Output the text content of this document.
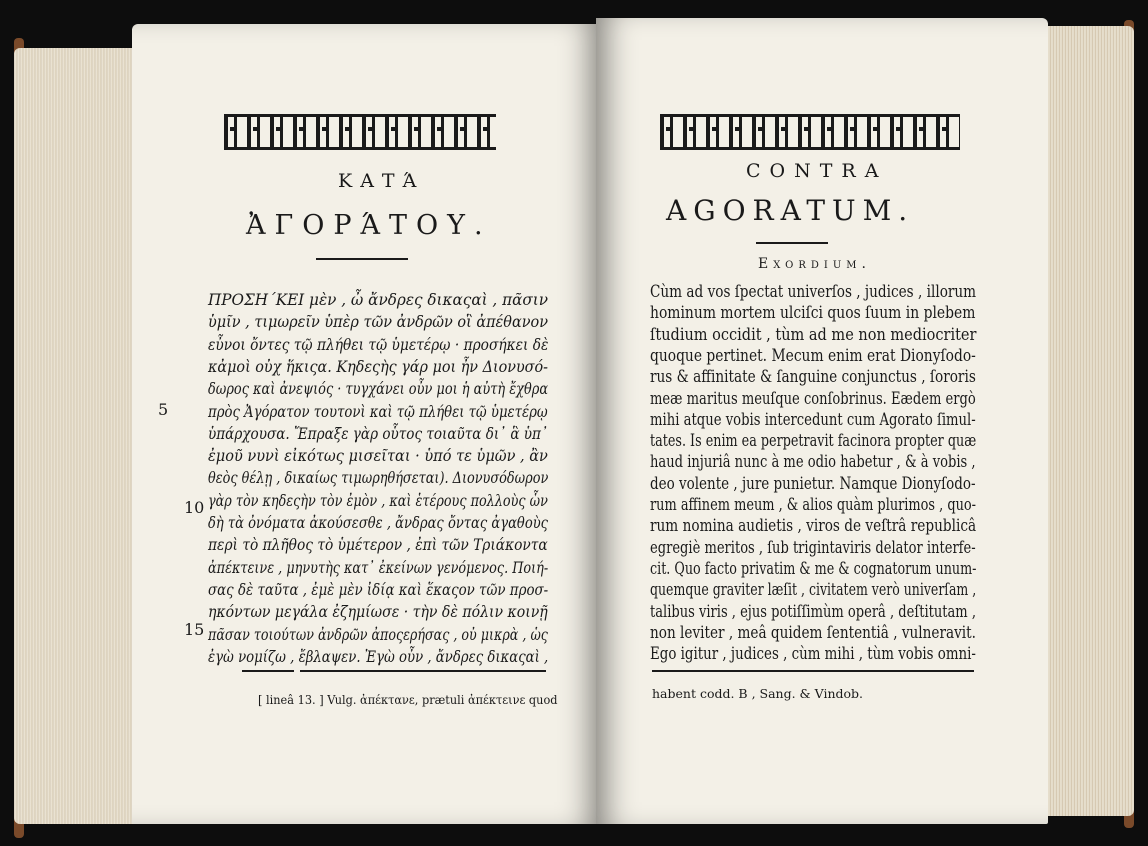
ΚΑΤΆ
ἈΓΟΡΆΤΟΥ.
ΠΡΟΣΗ΄ΚΕΙ μὲν , ὦ ἄνδρες δικαςαὶ , πᾶσιν
ὑμῖν , τιμωρεῖν ὑπὲρ τῶν ἀνδρῶν οἳ ἀπέθανον
εὖνοι ὄντες τῷ πλήθει τῷ ὑμετέρῳ · προσήκει δὲ
κἀμοὶ οὐχ ἥκιςα. Κηδεςὴς γάρ μοι ἦν Διονυσό-
δωρος καὶ ἀνεψιός · τυγχάνει οὖν μοι ἡ αὐτὴ ἔχθρα
πρὸς Ἀγόρατον τουτονὶ καὶ τῷ πλήθει τῷ ὑμετέρῳ
ὑπάρχουσα. Ἔπραξε γὰρ οὗτος τοιαῦτα δι᾽ ἃ ὑπ᾽
ἐμοῦ νυνὶ εἰκότως μισεῖται · ὑπό τε ὑμῶν , ἂν
θεὸς θέλῃ , δικαίως τιμωρηθήσεται). Διονυσόδωρον
γὰρ τὸν κηδεςὴν τὸν ἐμὸν , καὶ ἑτέρους πολλοὺς ὧν
δὴ τὰ ὀνόματα ἀκούσεσθε , ἄνδρας ὄντας ἀγαθοὺς
περὶ τὸ πλῆθος τὸ ὑμέτερον , ἐπὶ τῶν Τριάκοντα
ἀπέκτεινε , μηνυτὴς κατ᾽ ἐκείνων γενόμενος. Ποιή-
σας δὲ ταῦτα , ἐμὲ μὲν ἰδίᾳ καὶ ἕκαςον τῶν προσ-
ηκόντων μεγάλα ἐζημίωσε · τὴν δὲ πόλιν κοινῇ
πᾶσαν τοιούτων ἀνδρῶν ἀποςερήσας , οὐ μικρὰ , ὡς
ἐγὼ νομίζω , ἔβλαψεν. Ἐγὼ οὖν , ἄνδρες δικαςαὶ ,
5
10
15
[ lineâ 13. ] Vulg. ἀπέκτανε, prætuli ἀπέκτεινε quod
CONTRA
AGORATUM.
Exordium.
Cùm ad vos ſpectat univerſos , judices , illorum
hominum mortem ulciſci quos ſuum in plebem
ſtudium occidit , tùm ad me non mediocriter
quoque pertinet. Mecum enim erat Dionyſodo-
rus & affinitate & ſanguine conjunctus , ſororis
meæ maritus meuſque conſobrinus. Eædem ergò
mihi atque vobis intercedunt cum Agorato ſimul-
tates. Is enim ea perpetravit facinora propter quæ
haud injuriâ nunc à me odio habetur , & à vobis ,
deo volente , jure punietur. Namque Dionyſodo-
rum affinem meum , & alios quàm plurimos , quo-
rum nomina audietis , viros de veſtrâ republicâ
egregiè meritos , ſub trigintaviris delator interfe-
cit. Quo facto privatim & me & cognatorum unum-
quemque graviter læſit , civitatem verò univerſam ,
talibus viris , ejus potiſſimùm operâ , deſtitutam ,
non leviter , meâ quidem ſententiâ , vulneravit.
Ego igitur , judices , cùm mihi , tùm vobis omni-
habent codd. B , Sang. & Vindob.
